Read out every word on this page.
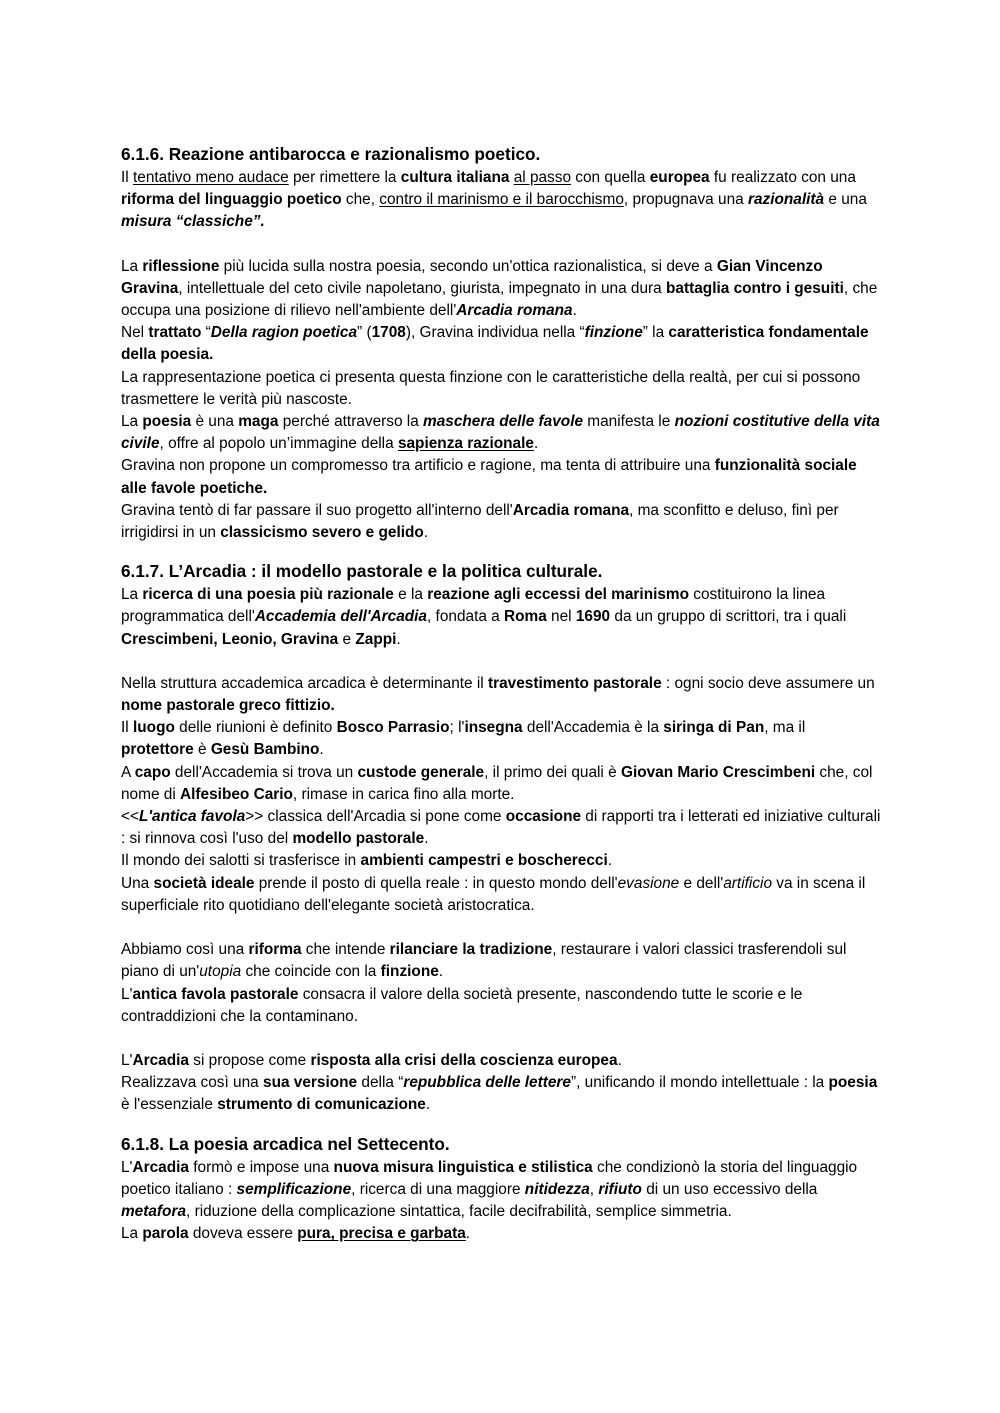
6.1.6. Reazione antibarocca e razionalismo poetico.

Il tentativo meno audace per rimettere la cultura italiana al passo con quella europea fu realizzato con una riforma del linguaggio poetico che, contro il marinismo e il barocchismo, propugnava una razionalità e una misura “classiche”.

La riflessione più lucida sulla nostra poesia, secondo un'ottica razionalistica, si deve a Gian Vincenzo Gravina, intellettuale del ceto civile napoletano, giurista, impegnato in una dura battaglia contro i gesuiti, che occupa una posizione di rilievo nell'ambiente dell'Arcadia romana.

Nel trattato “Della ragion poetica” (1708), Gravina individua nella “finzione” la caratteristica fondamentale della poesia.

La rappresentazione poetica ci presenta questa finzione con le caratteristiche della realtà, per cui si possono trasmettere le verità più nascoste.

La poesia è una maga perché attraverso la maschera delle favole manifesta le nozioni costitutive della vita civile, offre al popolo un’immagine della sapienza razionale.

Gravina non propone un compromesso tra artificio e ragione, ma tenta di attribuire una funzionalità sociale alle favole poetiche.

Gravina tentò di far passare il suo progetto all'interno dell'Arcadia romana, ma sconfitto e deluso, finì per irrigidirsi in un classicismo severo e gelido.

6.1.7. L’Arcadia : il modello pastorale e la politica culturale.

La ricerca di una poesia più razionale e la reazione agli eccessi del marinismo costituirono la linea programmatica dell'Accademia dell'Arcadia, fondata a Roma nel 1690 da un gruppo di scrittori, tra i quali Crescimbeni, Leonio, Gravina e Zappi.

Nella struttura accademica arcadica è determinante il travestimento pastorale : ogni socio deve assumere un nome pastorale greco fittizio.

Il luogo delle riunioni è definito Bosco Parrasio; l'insegna dell'Accademia è la siringa di Pan, ma il protettore è Gesù Bambino.

A capo dell'Accademia si trova un custode generale, il primo dei quali è Giovan Mario Crescimbeni che, col nome di Alfesibeo Cario, rimase in carica fino alla morte.

<<L'antica favola>> classica dell'Arcadia si pone come occasione di rapporti tra i letterati ed iniziative culturali : si rinnova così l'uso del modello pastorale.

Il mondo dei salotti si trasferisce in ambienti campestri e boschereccі.

Una società ideale prende il posto di quella reale : in questo mondo dell'evasione e dell'artificio va in scena il superficiale rito quotidiano dell'elegante società aristocratica.

Abbiamo così una riforma che intende rilanciare la tradizione, restaurare i valori classici trasferendoli sul piano di un'utopia che coincide con la finzione.

L'antica favola pastorale consacra il valore della società presente, nascondendo tutte le scorie e le contraddizioni che la contaminano.

L'Arcadia si propose come risposta alla crisi della coscienza europea.

Realizzava così una sua versione della “repubblica delle lettere”, unificando il mondo intellettuale : la poesia è l'essenziale strumento di comunicazione.

6.1.8. La poesia arcadica nel Settecento.

L'Arcadia formò e impose una nuova misura linguistica e stilistica che condizionò la storia del linguaggio poetico italiano : semplificazione, ricerca di una maggiore nitidezza, rifiuto di un uso eccessivo della metafora, riduzione della complicazione sintattica, facile decifrabilità, semplice simmetria.

La parola doveva essere pura, precisa e garbata.
